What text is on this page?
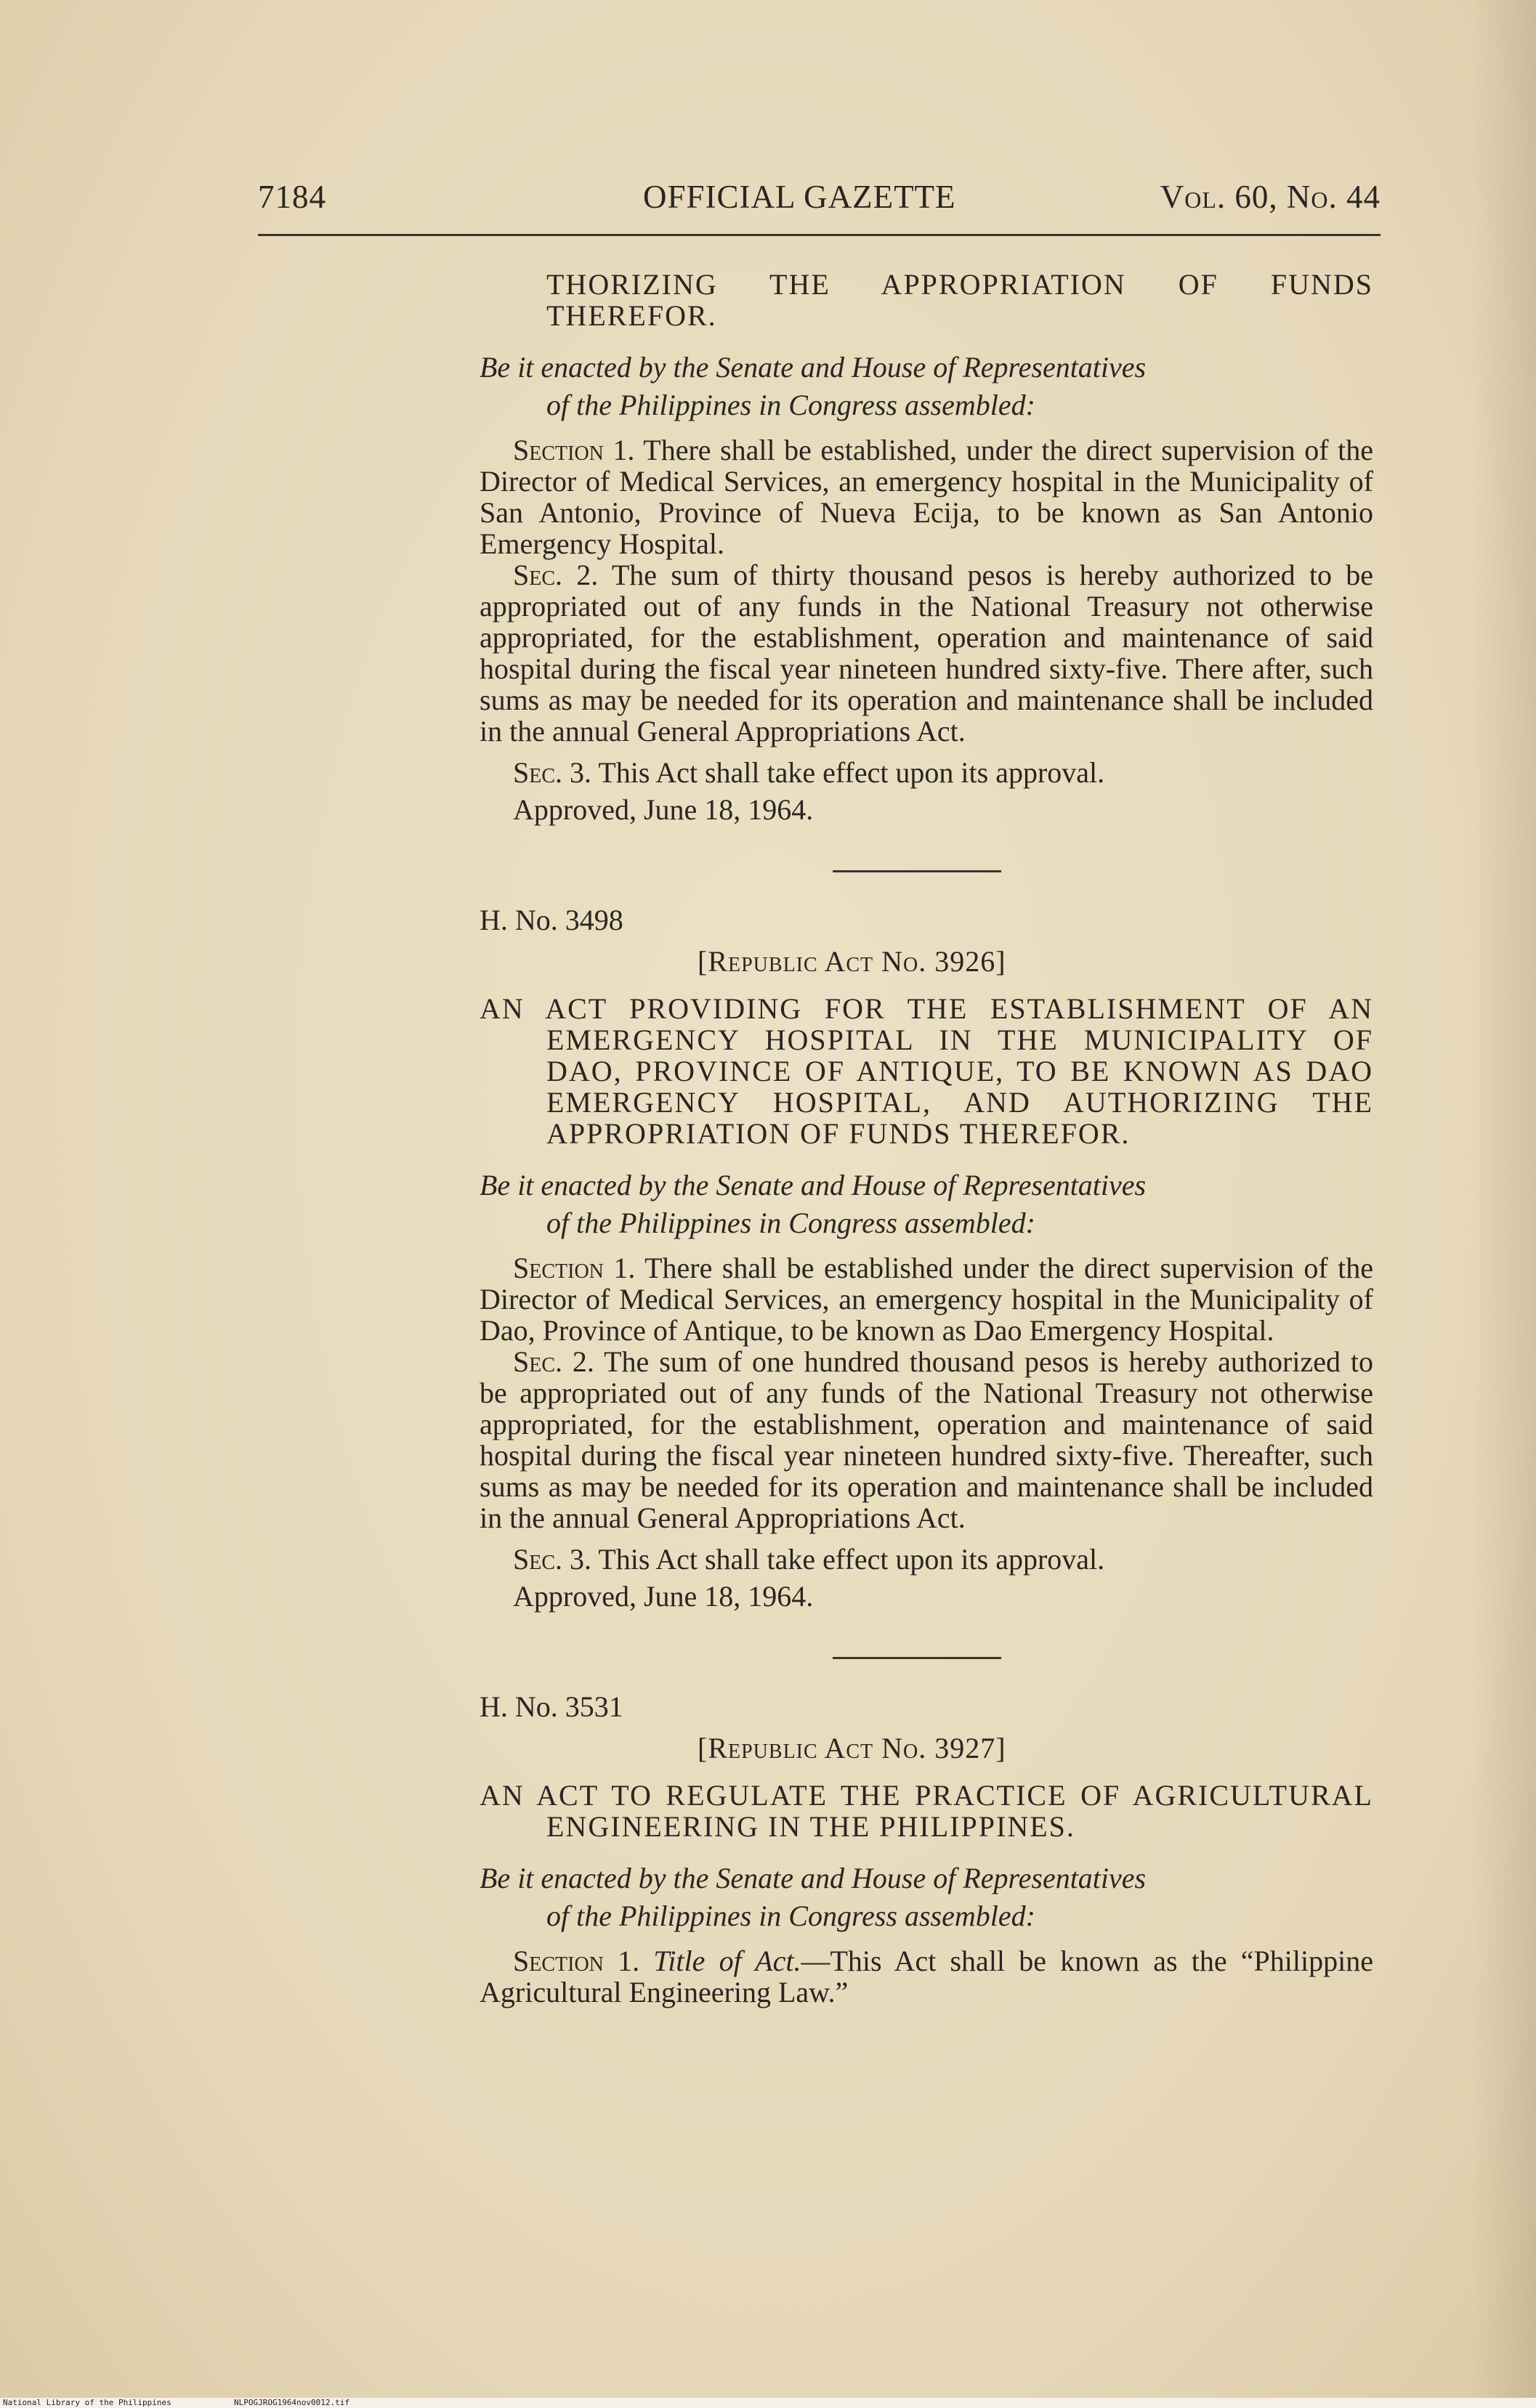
7184	OFFICIAL GAZETTE	Vol. 60, No. 44

THORIZING THE APPROPRIATION OF FUNDS THEREFOR.

Be it enacted by the Senate and House of Representatives
of the Philippines in Congress assembled:

Section 1. There shall be established, under the direct supervision of the Director of Medical Services, an emergency hospital in the Municipality of San Antonio, Province of Nueva Ecija, to be known as San Antonio Emergency Hospital.

Sec. 2. The sum of thirty thousand pesos is hereby authorized to be appropriated out of any funds in the National Treasury not otherwise appropriated, for the establishment, operation and maintenance of said hospital during the fiscal year nineteen hundred sixty-five. There after, such sums as may be needed for its operation and maintenance shall be included in the annual General Appropriations Act.

Sec. 3. This Act shall take effect upon its approval.

Approved, June 18, 1964.

H. No. 3498

[Republic Act No. 3926]

AN ACT PROVIDING FOR THE ESTABLISHMENT OF AN EMERGENCY HOSPITAL IN THE MUNICIPALITY OF DAO, PROVINCE OF ANTIQUE, TO BE KNOWN AS DAO EMERGENCY HOSPITAL, AND AUTHORIZING THE APPROPRIATION OF FUNDS THEREFOR.

Be it enacted by the Senate and House of Representatives
of the Philippines in Congress assembled:

Section 1. There shall be established under the direct supervision of the Director of Medical Services, an emergency hospital in the Municipality of Dao, Province of Antique, to be known as Dao Emergency Hospital.

Sec. 2. The sum of one hundred thousand pesos is hereby authorized to be appropriated out of any funds of the National Treasury not otherwise appropriated, for the establishment, operation and maintenance of said hospital during the fiscal year nineteen hundred sixty-five. Thereafter, such sums as may be needed for its operation and maintenance shall be included in the annual General Appropriations Act.

Sec. 3. This Act shall take effect upon its approval.

Approved, June 18, 1964.

H. No. 3531

[Republic Act No. 3927]

AN ACT TO REGULATE THE PRACTICE OF AGRICULTURAL ENGINEERING IN THE PHILIPPINES.

Be it enacted by the Senate and House of Representatives
of the Philippines in Congress assembled:

Section 1. Title of Act.—This Act shall be known as the “Philippine Agricultural Engineering Law.”

National Library of the Philippines	NLPOGJROG1964nov0012.tif
